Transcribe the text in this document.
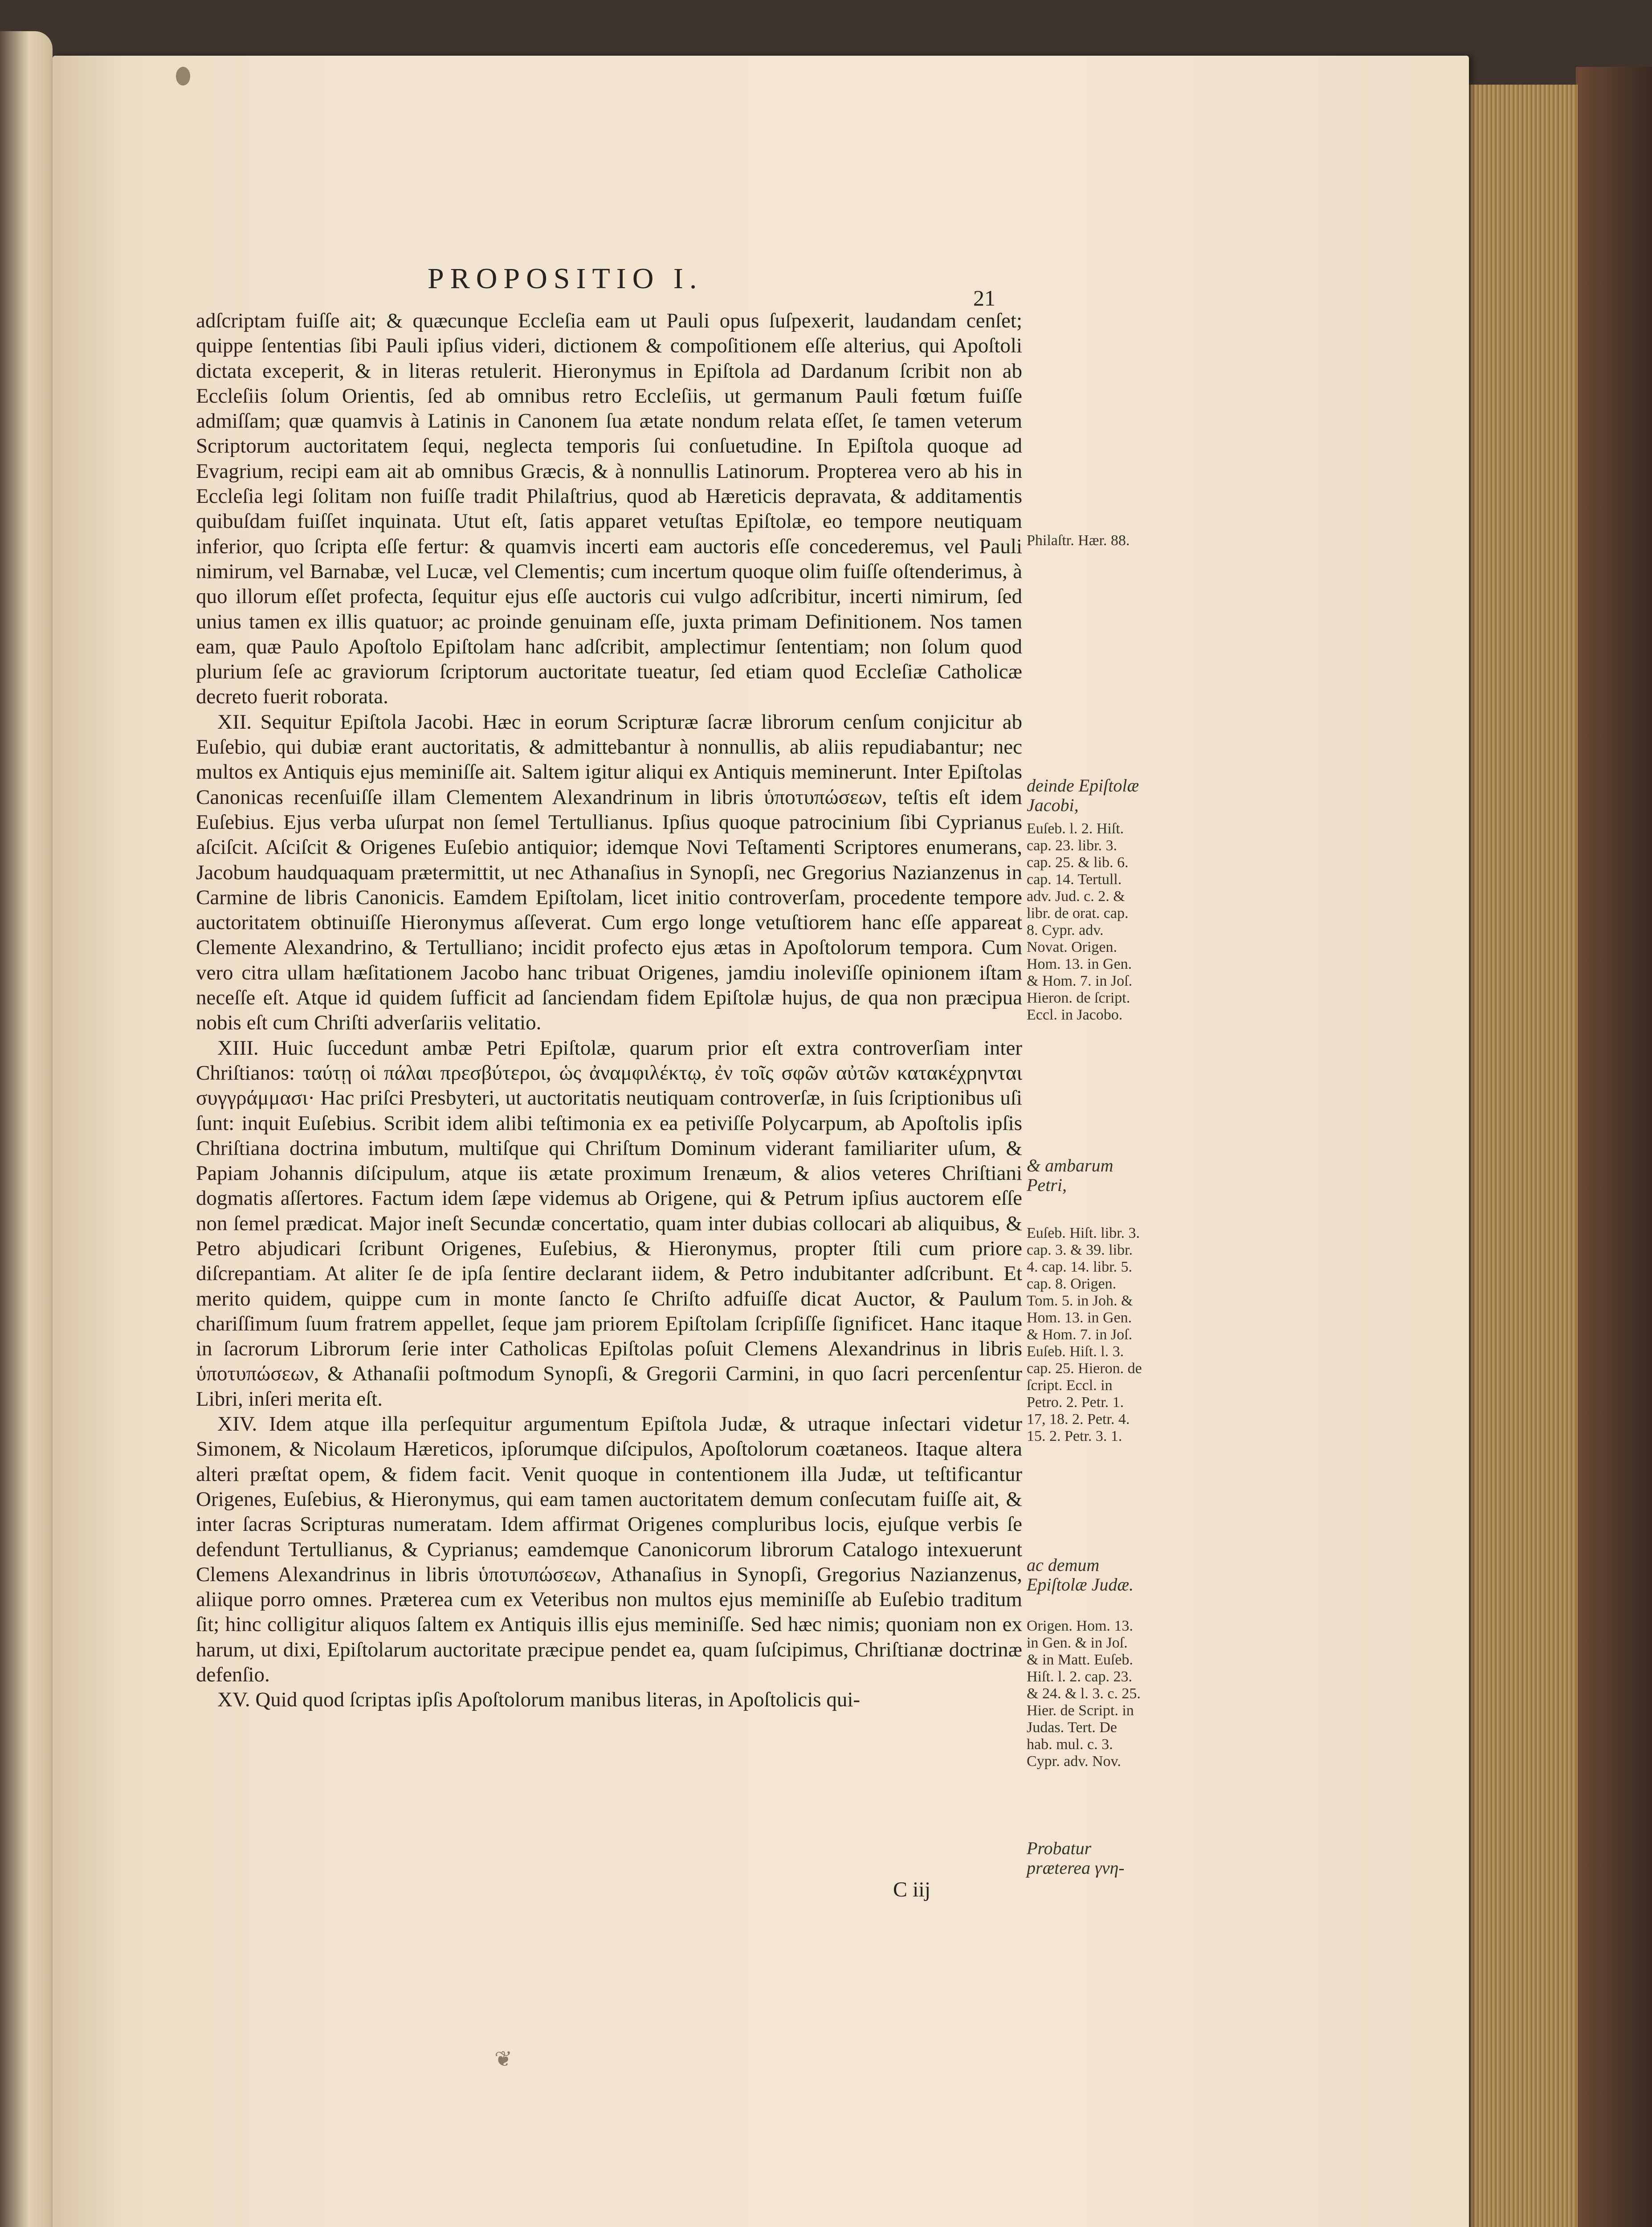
PROPOSITIO I.
21

adſcriptam fuiſſe ait; & quæcunque Eccleſia eam ut Pauli opus ſuſpexerit, laudandam cenſet; quippe ſententias ſibi Pauli ipſius videri, dictionem & compoſitionem eſſe alterius, qui Apoſtoli dictata exceperit, & in literas retulerit. Hieronymus in Epiſtola ad Dardanum ſcribit non ab Eccleſiis ſolum Orientis, ſed ab omnibus retro Eccleſiis, ut germanum Pauli fœtum fuiſſe admiſſam; quæ quamvis à Latinis in Canonem ſua ætate nondum relata eſſet, ſe tamen veterum Scriptorum auctoritatem ſequi, neglecta temporis ſui conſuetudine. In Epiſtola quoque ad Evagrium, recipi eam ait ab omnibus Græcis, & à nonnullis Latinorum. Propterea vero ab his in Eccleſia legi ſolitam non fuiſſe tradit Philaſtrius, quod ab Hæreticis depravata, & additamentis quibuſdam fuiſſet inquinata. Utut eſt, ſatis apparet vetuſtas Epiſtolæ, eo tempore neutiquam inferior, quo ſcripta eſſe fertur: & quamvis incerti eam auctoris eſſe concederemus, vel Pauli nimirum, vel Barnabæ, vel Lucæ, vel Clementis; cum incertum quoque olim fuiſſe oſtenderimus, à quo illorum eſſet profecta, ſequitur ejus eſſe auctoris cui vulgo adſcribitur, incerti nimirum, ſed unius tamen ex illis quatuor; ac proinde genuinam eſſe, juxta primam Definitionem. Nos tamen eam, quæ Paulo Apoſtolo Epiſtolam hanc adſcribit, amplectimur ſententiam; non ſolum quod plurium ſeſe ac graviorum ſcriptorum auctoritate tueatur, ſed etiam quod Eccleſiæ Catholicæ decreto fuerit roborata.

XII. Sequitur Epiſtola Jacobi. Hæc in eorum Scripturæ ſacræ librorum cenſum conjicitur ab Euſebio, qui dubiæ erant auctoritatis, & admittebantur à nonnullis, ab aliis repudiabantur; nec multos ex Antiquis ejus meminiſſe ait. Saltem igitur aliqui ex Antiquis meminerunt. Inter Epiſtolas Canonicas recenſuiſſe illam Clementem Alexandrinum in libris ὑποτυπώσεων, teſtis eſt idem Euſebius. Ejus verba uſurpat non ſemel Tertullianus. Ipſius quoque patrocinium ſibi Cyprianus aſciſcit. Aſciſcit & Origenes Euſebio antiquior; idemque Novi Teſtamenti Scriptores enumerans, Jacobum haudquaquam prætermittit, ut nec Athanaſius in Synopſi, nec Gregorius Nazianzenus in Carmine de libris Canonicis. Eamdem Epiſtolam, licet initio controverſam, procedente tempore auctoritatem obtinuiſſe Hieronymus aſſeverat. Cum ergo longe vetuſtiorem hanc eſſe appareat Clemente Alexandrino, & Tertulliano; incidit profecto ejus ætas in Apoſtolorum tempora. Cum vero citra ullam hæſitationem Jacobo hanc tribuat Origenes, jamdiu inoleviſſe opinionem iſtam neceſſe eſt. Atque id quidem ſufficit ad ſanciendam fidem Epiſtolæ hujus, de qua non præcipua nobis eſt cum Chriſti adverſariis velitatio.

XIII. Huic ſuccedunt ambæ Petri Epiſtolæ, quarum prior eſt extra controverſiam inter Chriſtianos: ταύτῃ οἱ πάλαι πρεσβύτεροι, ὡς ἀναμφιλέκτῳ, ἐν τοῖς σφῶν αὐτῶν κατακέχρηνται συγγράμμασι· Hac priſci Presbyteri, ut auctoritatis neutiquam controverſæ, in ſuis ſcriptionibus uſi ſunt: inquit Euſebius. Scribit idem alibi teſtimonia ex ea petiviſſe Polycarpum, ab Apoſtolis ipſis Chriſtiana doctrina imbutum, multiſque qui Chriſtum Dominum viderant familiariter uſum, & Papiam Johannis diſcipulum, atque iis ætate proximum Irenæum, & alios veteres Chriſtiani dogmatis aſſertores. Factum idem ſæpe videmus ab Origene, qui & Petrum ipſius auctorem eſſe non ſemel prædicat. Major ineſt Secundæ concertatio, quam inter dubias collocari ab aliquibus, & Petro abjudicari ſcribunt Origenes, Euſebius, & Hieronymus, propter ſtili cum priore diſcrepantiam. At aliter ſe de ipſa ſentire declarant iidem, & Petro indubitanter adſcribunt. Et merito quidem, quippe cum in monte ſancto ſe Chriſto adfuiſſe dicat Auctor, & Paulum chariſſimum ſuum fratrem appellet, ſeque jam priorem Epiſtolam ſcripſiſſe ſignificet. Hanc itaque in ſacrorum Librorum ſerie inter Catholicas Epiſtolas poſuit Clemens Alexandrinus in libris ὑποτυπώσεων, & Athanaſii poſtmodum Synopſi, & Gregorii Carmini, in quo ſacri percenſentur Libri, inſeri merita eſt.

XIV. Idem atque illa perſequitur argumentum Epiſtola Judæ, & utraque inſectari videtur Simonem, & Nicolaum Hæreticos, ipſorumque diſcipulos, Apoſtolorum coætaneos. Itaque altera alteri præſtat opem, & fidem facit. Venit quoque in contentionem illa Judæ, ut teſtificantur Origenes, Euſebius, & Hieronymus, qui eam tamen auctoritatem demum conſecutam fuiſſe ait, & inter ſacras Scripturas numeratam. Idem affirmat Origenes compluribus locis, ejuſque verbis ſe defendunt Tertullianus, & Cyprianus; eamdemque Canonicorum librorum Catalogo intexuerunt Clemens Alexandrinus in libris ὑποτυπώσεων, Athanaſius in Synopſi, Gregorius Nazianzenus, aliique porro omnes. Præterea cum ex Veteribus non multos ejus meminiſſe ab Euſebio traditum ſit; hinc colligitur aliquos ſaltem ex Antiquis illis ejus meminiſſe. Sed hæc nimis; quoniam non ex harum, ut dixi, Epiſtolarum auctoritate præcipue pendet ea, quam ſuſcipimus, Chriſtianæ doctrinæ defenſio.

XV. Quid quod ſcriptas ipſis Apoſtolorum manibus literas, in Apoſtolicis qui-

Philaſtr. Hær. 88.
deinde Epiſtolæ Jacobi,
Euſeb. l. 2. Hiſt. cap. 23. libr. 3. cap. 25. & lib. 6. cap. 14. Tertull. adv. Jud. c. 2. & libr. de orat. cap. 8. Cypr. adv. Novat. Origen. Hom. 13. in Gen. & Hom. 7. in Joſ. Hieron. de ſcript. Eccl. in Jacobo.
& ambarum Petri,
Euſeb. Hiſt. libr. 3. cap. 3. & 39. libr. 4. cap. 14. libr. 5. cap. 8. Origen. Tom. 5. in Joh. & Hom. 13. in Gen. & Hom. 7. in Joſ. Euſeb. Hiſt. l. 3. cap. 25. Hieron. de ſcript. Eccl. in Petro. 2. Petr. 1. 17, 18. 2. Petr. 4. 15. 2. Petr. 3. 1.
ac demum Epiſtolæ Judæ.
Origen. Hom. 13. in Gen. & in Joſ. & in Matt. Euſeb. Hiſt. l. 2. cap. 23. & 24. & l. 3. c. 25. Hier. de Script. in Judas. Tert. De hab. mul. c. 3. Cypr. adv. Nov.
Probatur præterea γνη-
C iij
❦
